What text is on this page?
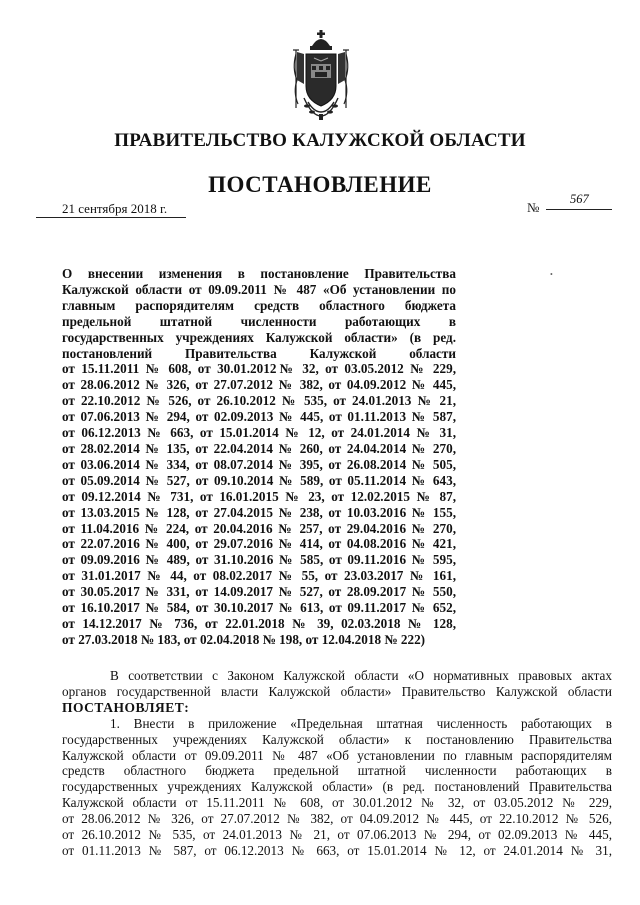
ПРАВИТЕЛЬСТВО КАЛУЖСКОЙ ОБЛАСТИ
ПОСТАНОВЛЕНИЕ
21 сентября 2018 г.	№
567
•
О внесении изменения в постановление Правительства
Калужской области от 09.09.2011 № 487 «Об установлении по
главным распорядителям средств областного бюджета
предельной штатной численности работающих в
государственных учреждениях Калужской области» (в ред.
постановлений Правительства Калужской области
от 15.11.2011 № 608, от 30.01.2012№ 32, от 03.05.2012 № 229,
от 28.06.2012 № 326, от 27.07.2012 № 382, от 04.09.2012 № 445,
от 22.10.2012 № 526, от 26.10.2012 № 535, от 24.01.2013 № 21,
от 07.06.2013 № 294, от 02.09.2013 № 445, от 01.11.2013 № 587,
от 06.12.2013 № 663, от 15.01.2014 № 12, от 24.01.2014 № 31,
от 28.02.2014 № 135, от 22.04.2014 № 260, от 24.04.2014 № 270,
от 03.06.2014 № 334, от 08.07.2014 № 395, от 26.08.2014 № 505,
от 05.09.2014 № 527, от 09.10.2014 № 589, от 05.11.2014 № 643,
от 09.12.2014 № 731, от 16.01.2015 № 23, от 12.02.2015 № 87,
от 13.03.2015 № 128, от 27.04.2015 № 238, от 10.03.2016 № 155,
от 11.04.2016 № 224, от 20.04.2016 № 257, от 29.04.2016 № 270,
от 22.07.2016 № 400, от 29.07.2016 № 414, от 04.08.2016 № 421,
от 09.09.2016 № 489, от 31.10.2016 № 585, от 09.11.2016 № 595,
от 31.01.2017 № 44, от 08.02.2017 № 55, от 23.03.2017 № 161,
от 30.05.2017 № 331, от 14.09.2017 № 527, от 28.09.2017 № 550,
от 16.10.2017 № 584, от 30.10.2017 № 613, от 09.11.2017 № 652,
от 14.12.2017 № 736, от 22.01.2018 № 39, 02.03.2018 № 128,
от 27.03.2018 № 183, от 02.04.2018 № 198, от 12.04.2018 № 222)
В соответствии с Законом Калужской области «О нормативных правовых актах
органов государственной власти Калужской области» Правительство Калужской области
ПОСТАНОВЛЯЕТ:
1. Внести в приложение «Предельная штатная численность работающих в
государственных учреждениях Калужской области» к постановлению Правительства
Калужской области от 09.09.2011 № 487 «Об установлении по главным распорядителям
средств областного бюджета предельной штатной численности работающих в
государственных учреждениях Калужской области» (в ред. постановлений Правительства
Калужской области от 15.11.2011 № 608, от 30.01.2012 № 32, от 03.05.2012 № 229,
от 28.06.2012 № 326, от 27.07.2012 № 382, от 04.09.2012 № 445, от 22.10.2012 № 526,
от 26.10.2012 № 535, от 24.01.2013 № 21, от 07.06.2013 № 294, от 02.09.2013 № 445,
от 01.11.2013 № 587, от 06.12.2013 № 663, от 15.01.2014 № 12, от 24.01.2014 № 31,
